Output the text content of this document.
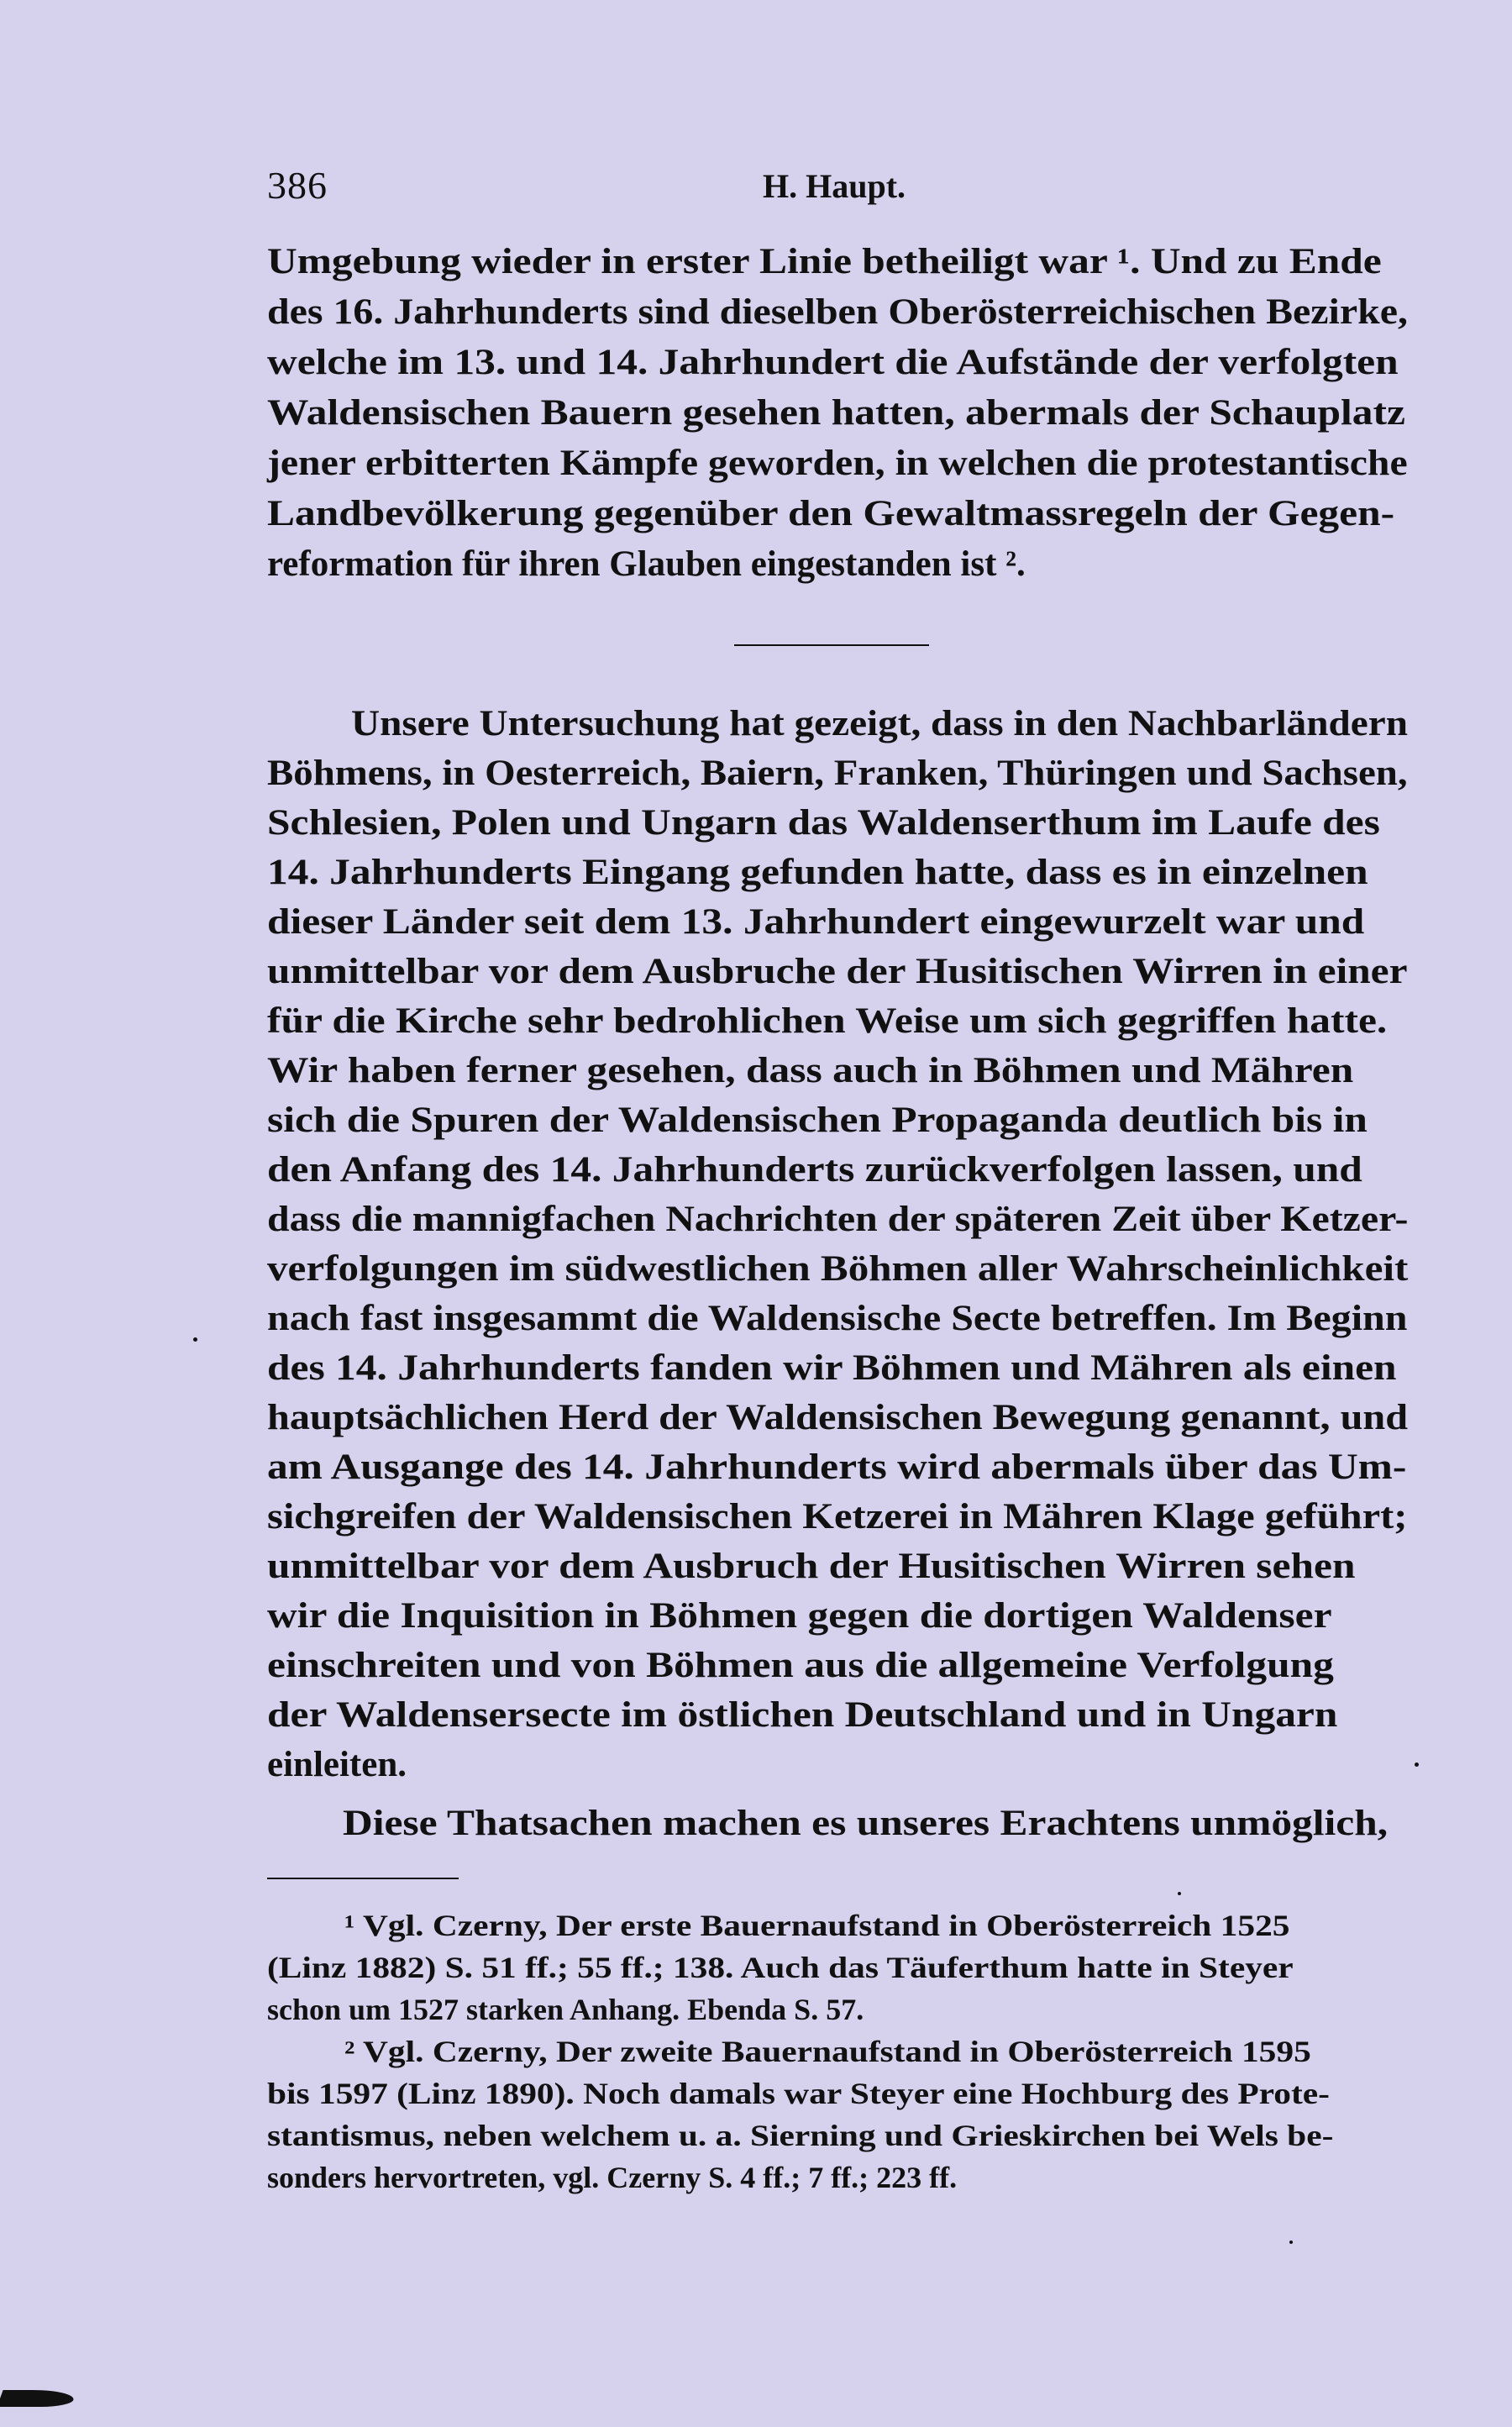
386	H. Haupt.
Umgebung wieder in erster Linie betheiligt war ¹. Und zu Ende
des 16. Jahrhunderts sind dieselben Oberösterreichischen Bezirke,
welche im 13. und 14. Jahrhundert die Aufstände der verfolgten
Waldensischen Bauern gesehen hatten, abermals der Schauplatz
jener erbitterten Kämpfe geworden, in welchen die protestantische
Landbevölkerung gegenüber den Gewaltmassregeln der Gegen-
reformation für ihren Glauben eingestanden ist ².
Unsere Untersuchung hat gezeigt, dass in den Nachbarländern
Böhmens, in Oesterreich, Baiern, Franken, Thüringen und Sachsen,
Schlesien, Polen und Ungarn das Waldenserthum im Laufe des
14. Jahrhunderts Eingang gefunden hatte, dass es in einzelnen
dieser Länder seit dem 13. Jahrhundert eingewurzelt war und
unmittelbar vor dem Ausbruche der Husitischen Wirren in einer
für die Kirche sehr bedrohlichen Weise um sich gegriffen hatte.
Wir haben ferner gesehen, dass auch in Böhmen und Mähren
sich die Spuren der Waldensischen Propaganda deutlich bis in
den Anfang des 14. Jahrhunderts zurückverfolgen lassen, und
dass die mannigfachen Nachrichten der späteren Zeit über Ketzer-
verfolgungen im südwestlichen Böhmen aller Wahrscheinlichkeit
nach fast insgesammt die Waldensische Secte betreffen. Im Beginn
des 14. Jahrhunderts fanden wir Böhmen und Mähren als einen
hauptsächlichen Herd der Waldensischen Bewegung genannt, und
am Ausgange des 14. Jahrhunderts wird abermals über das Um-
sichgreifen der Waldensischen Ketzerei in Mähren Klage geführt;
unmittelbar vor dem Ausbruch der Husitischen Wirren sehen
wir die Inquisition in Böhmen gegen die dortigen Waldenser
einschreiten und von Böhmen aus die allgemeine Verfolgung
der Waldensersecte im östlichen Deutschland und in Ungarn
einleiten.
Diese Thatsachen machen es unseres Erachtens unmöglich,
¹ Vgl. Czerny, Der erste Bauernaufstand in Oberösterreich 1525
(Linz 1882) S. 51 ff.; 55 ff.; 138. Auch das Täuferthum hatte in Steyer
schon um 1527 starken Anhang. Ebenda S. 57.
² Vgl. Czerny, Der zweite Bauernaufstand in Oberösterreich 1595
bis 1597 (Linz 1890). Noch damals war Steyer eine Hochburg des Prote-
stantismus, neben welchem u. a. Sierning und Grieskirchen bei Wels be-
sonders hervortreten, vgl. Czerny S. 4 ff.; 7 ff.; 223 ff.
